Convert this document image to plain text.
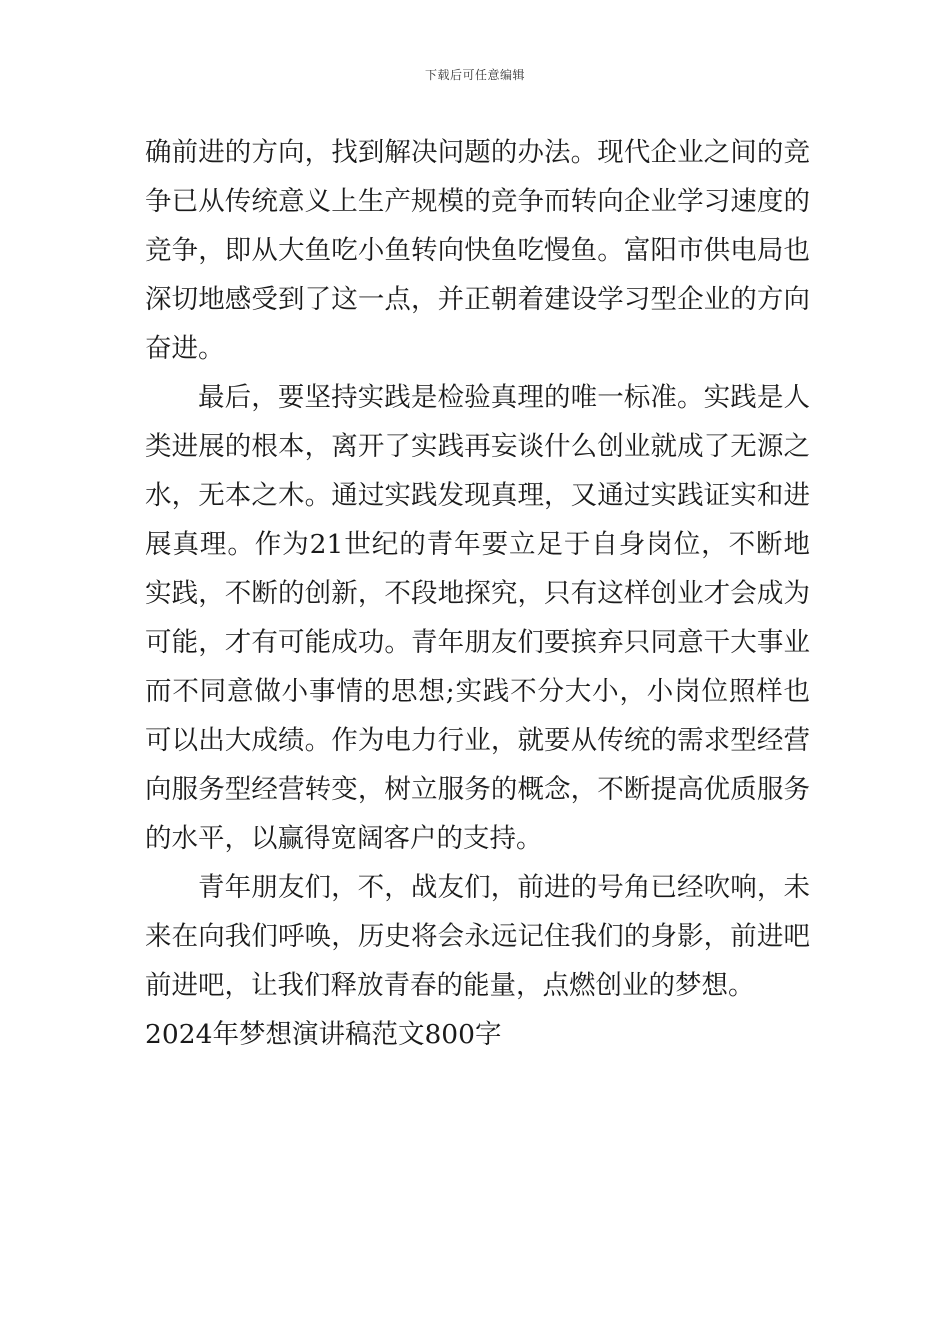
下载后可任意编辑

确前进的方向，找到解决问题的办法。现代企业之间的竞争已从传统意义上生产规模的竞争而转向企业学习速度的竞争，即从大鱼吃小鱼转向快鱼吃慢鱼。富阳市供电局也深切地感受到了这一点，并正朝着建设学习型企业的方向奋进。

最后，要坚持实践是检验真理的唯一标准。实践是人类进展的根本，离开了实践再妄谈什么创业就成了无源之水，无本之木。通过实践发现真理，又通过实践证实和进展真理。作为21世纪的青年要立足于自身岗位，不断地实践，不断的创新，不段地探究，只有这样创业才会成为可能，才有可能成功。青年朋友们要摈弃只同意干大事业而不同意做小事情的思想;实践不分大小，小岗位照样也可以出大成绩。作为电力行业，就要从传统的需求型经营向服务型经营转变，树立服务的概念，不断提高优质服务的水平，以赢得宽阔客户的支持。

青年朋友们，不，战友们，前进的号角已经吹响，未来在向我们呼唤，历史将会永远记住我们的身影，前进吧前进吧，让我们释放青春的能量，点燃创业的梦想。

2024年梦想演讲稿范文800字
